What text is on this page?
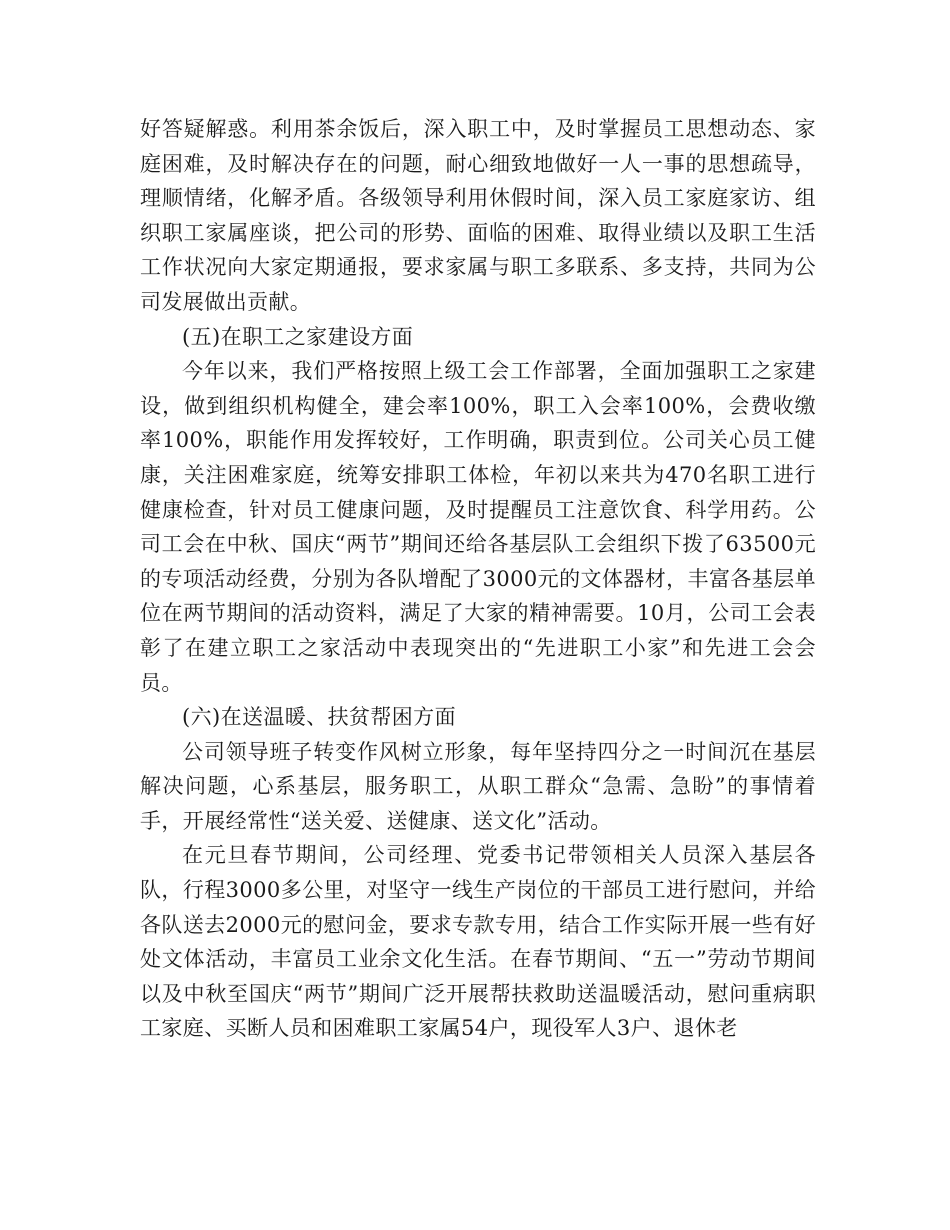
好答疑解惑。利用茶余饭后，深入职工中，及时掌握员工思想动态、家庭困难，及时解决存在的问题，耐心细致地做好一人一事的思想疏导，理顺情绪，化解矛盾。各级领导利用休假时间，深入员工家庭家访、组织职工家属座谈，把公司的形势、面临的困难、取得业绩以及职工生活工作状况向大家定期通报，要求家属与职工多联系、多支持，共同为公司发展做出贡献。

(五)在职工之家建设方面

今年以来，我们严格按照上级工会工作部署，全面加强职工之家建设，做到组织机构健全，建会率100%，职工入会率100%，会费收缴率100%，职能作用发挥较好，工作明确，职责到位。公司关心员工健康，关注困难家庭，统筹安排职工体检，年初以来共为470名职工进行健康检查，针对员工健康问题，及时提醒员工注意饮食、科学用药。公司工会在中秋、国庆“两节”期间还给各基层队工会组织下拨了63500元的专项活动经费，分别为各队增配了3000元的文体器材，丰富各基层单位在两节期间的活动资料，满足了大家的精神需要。10月，公司工会表彰了在建立职工之家活动中表现突出的“先进职工小家”和先进工会会员。

(六)在送温暖、扶贫帮困方面

公司领导班子转变作风树立形象，每年坚持四分之一时间沉在基层解决问题，心系基层，服务职工，从职工群众“急需、急盼”的事情着手，开展经常性“送关爱、送健康、送文化”活动。

在元旦春节期间，公司经理、党委书记带领相关人员深入基层各队，行程3000多公里，对坚守一线生产岗位的干部员工进行慰问，并给各队送去2000元的慰问金，要求专款专用，结合工作实际开展一些有好处文体活动，丰富员工业余文化生活。在春节期间、“五一”劳动节期间以及中秋至国庆“两节”期间广泛开展帮扶救助送温暖活动，慰问重病职工家庭、买断人员和困难职工家属54户，现役军人3户、退休老
